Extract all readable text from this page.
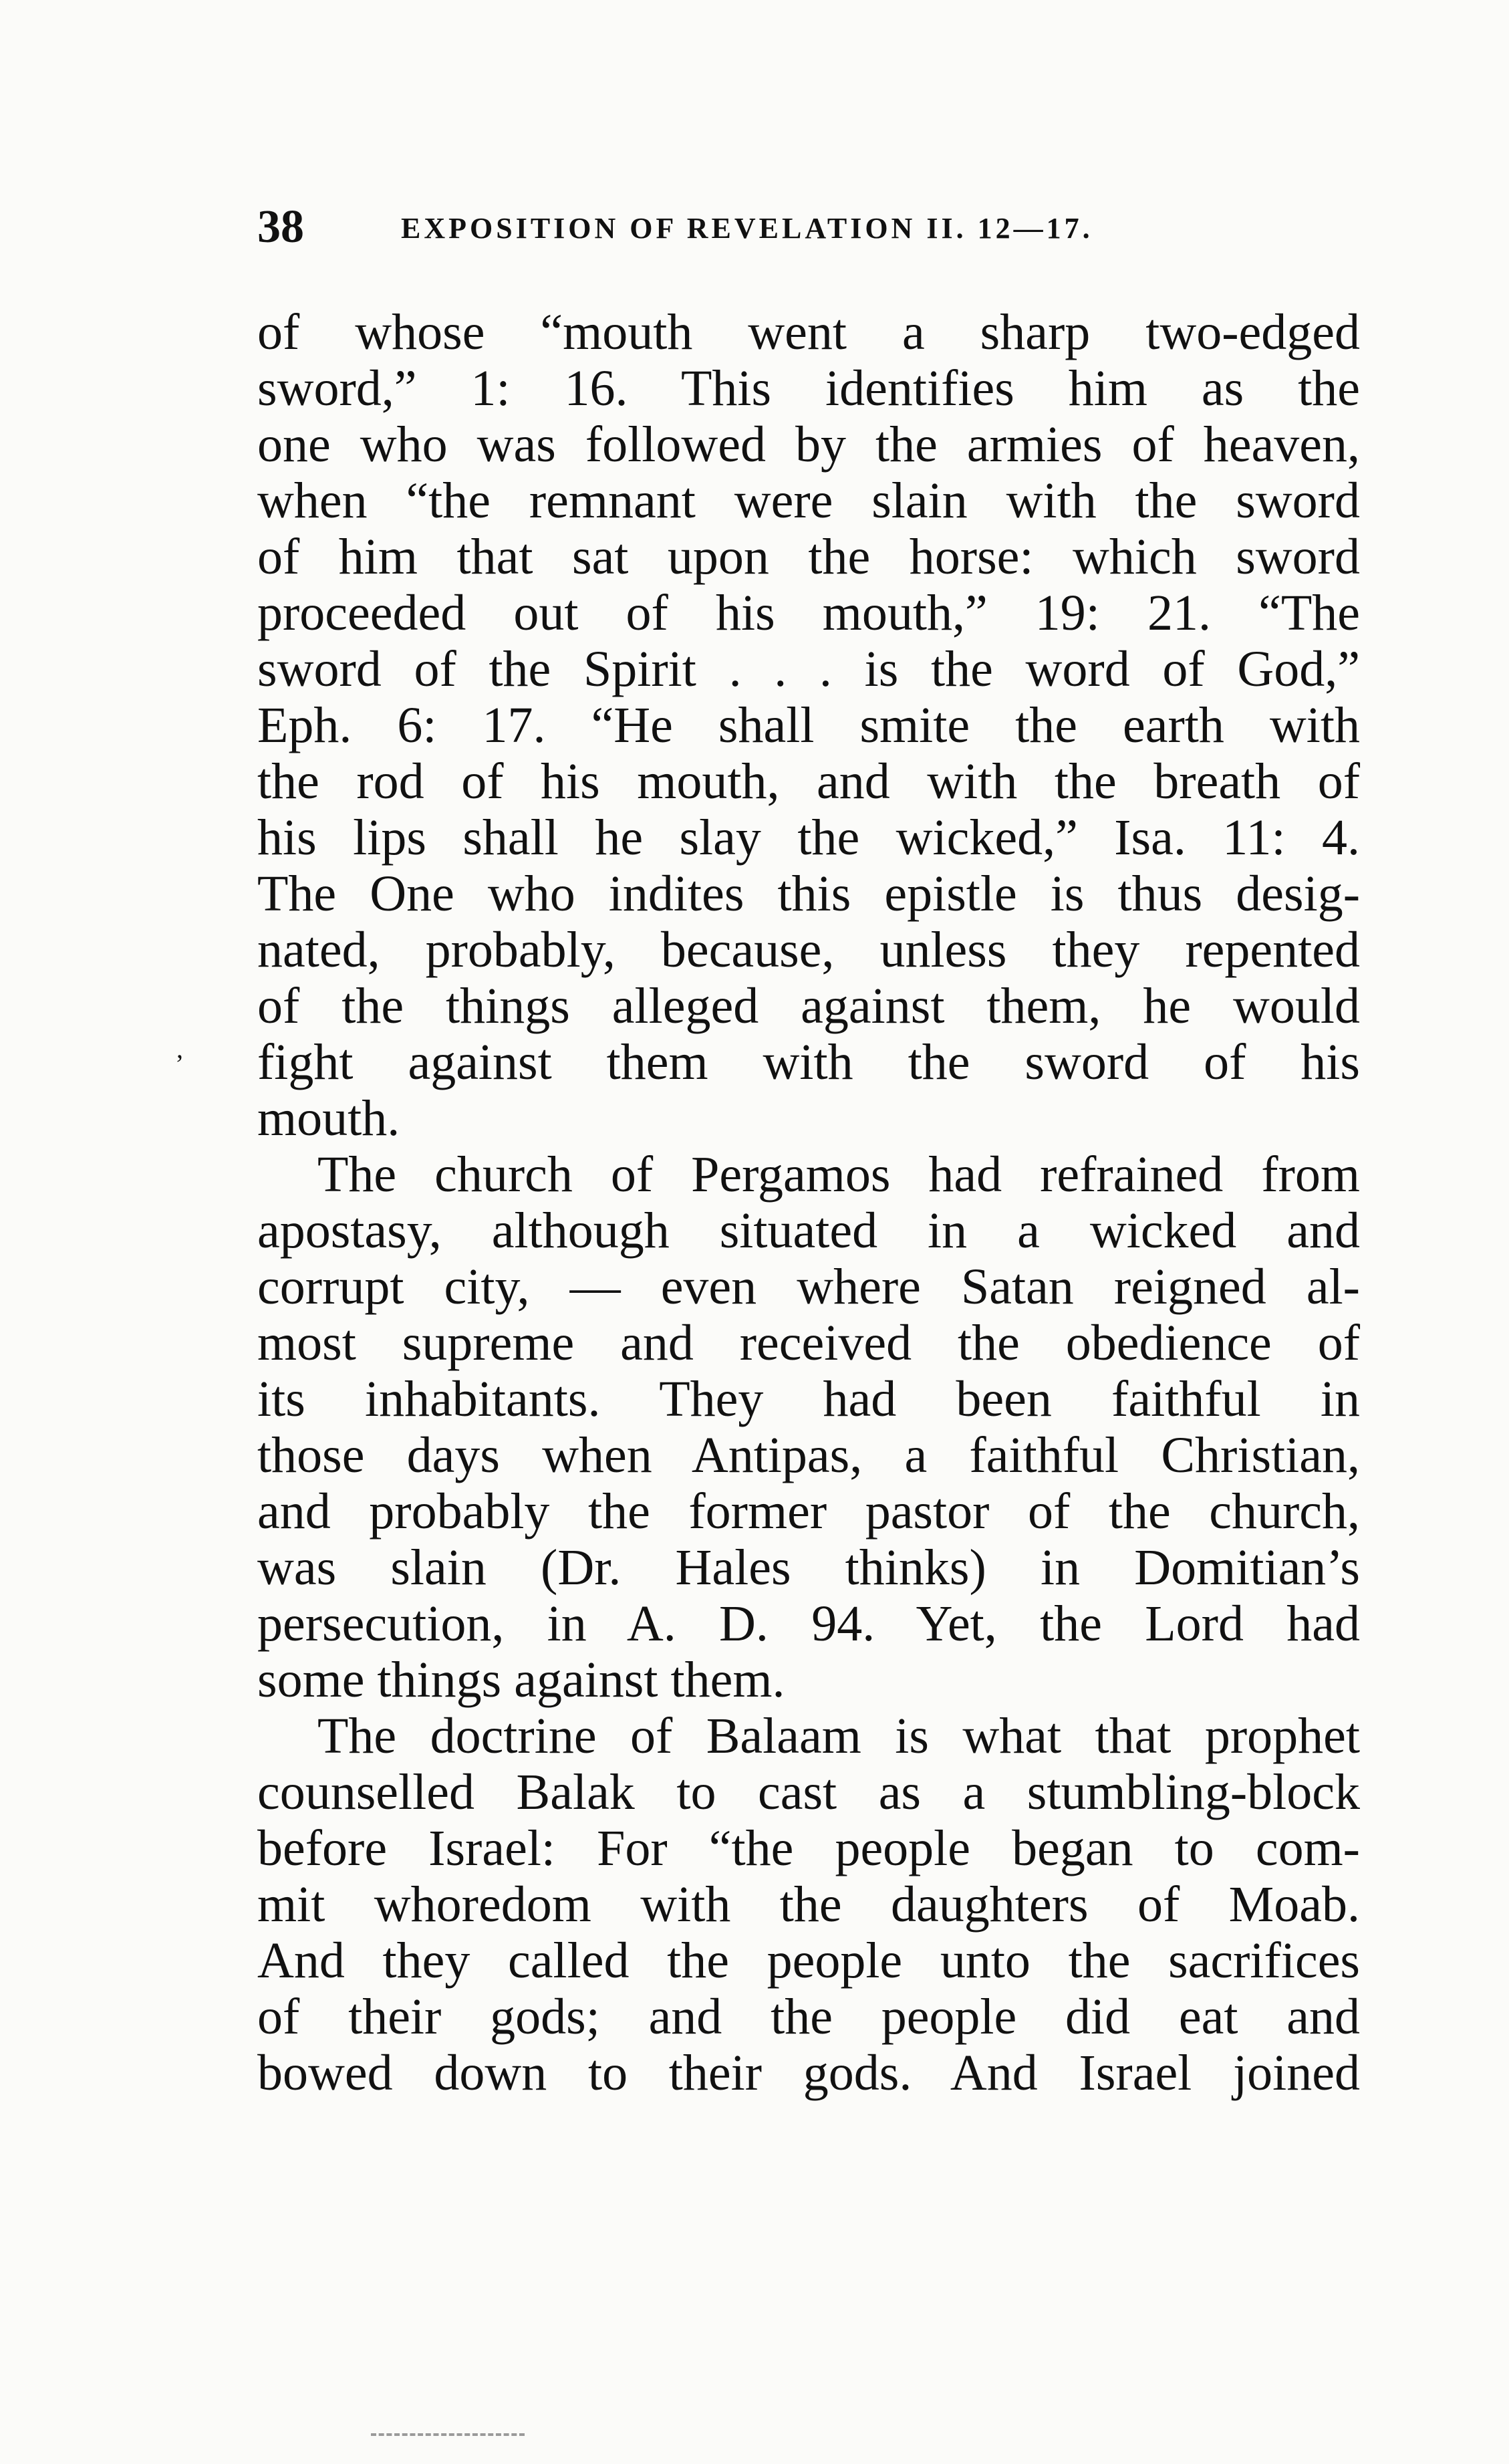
38	EXPOSITION OF REVELATION II. 12—17.
’
of whose “mouth went a sharp two-edged
sword,” 1: 16. This identifies him as the
one who was followed by the armies of heaven,
when “the remnant were slain with the sword
of him that sat upon the horse: which sword
proceeded out of his mouth,” 19: 21. “The
sword of the Spirit . . . is the word of God,”
Eph. 6: 17. “He shall smite the earth with
the rod of his mouth, and with the breath of
his lips shall he slay the wicked,” Isa. 11: 4.
The One who indites this epistle is thus desig-
nated, probably, because, unless they repented
of the things alleged against them, he would
fight against them with the sword of his
mouth.
The church of Pergamos had refrained from
apostasy, although situated in a wicked and
corrupt city, — even where Satan reigned al-
most supreme and received the obedience of
its inhabitants. They had been faithful in
those days when Antipas, a faithful Christian,
and probably the former pastor of the church,
was slain (Dr. Hales thinks) in Domitian’s
persecution, in A. D. 94. Yet, the Lord had
some things against them.
The doctrine of Balaam is what that prophet
counselled Balak to cast as a stumbling-block
before Israel: For “the people began to com-
mit whoredom with the daughters of Moab.
And they called the people unto the sacrifices
of their gods; and the people did eat and
bowed down to their gods. And Israel joined
